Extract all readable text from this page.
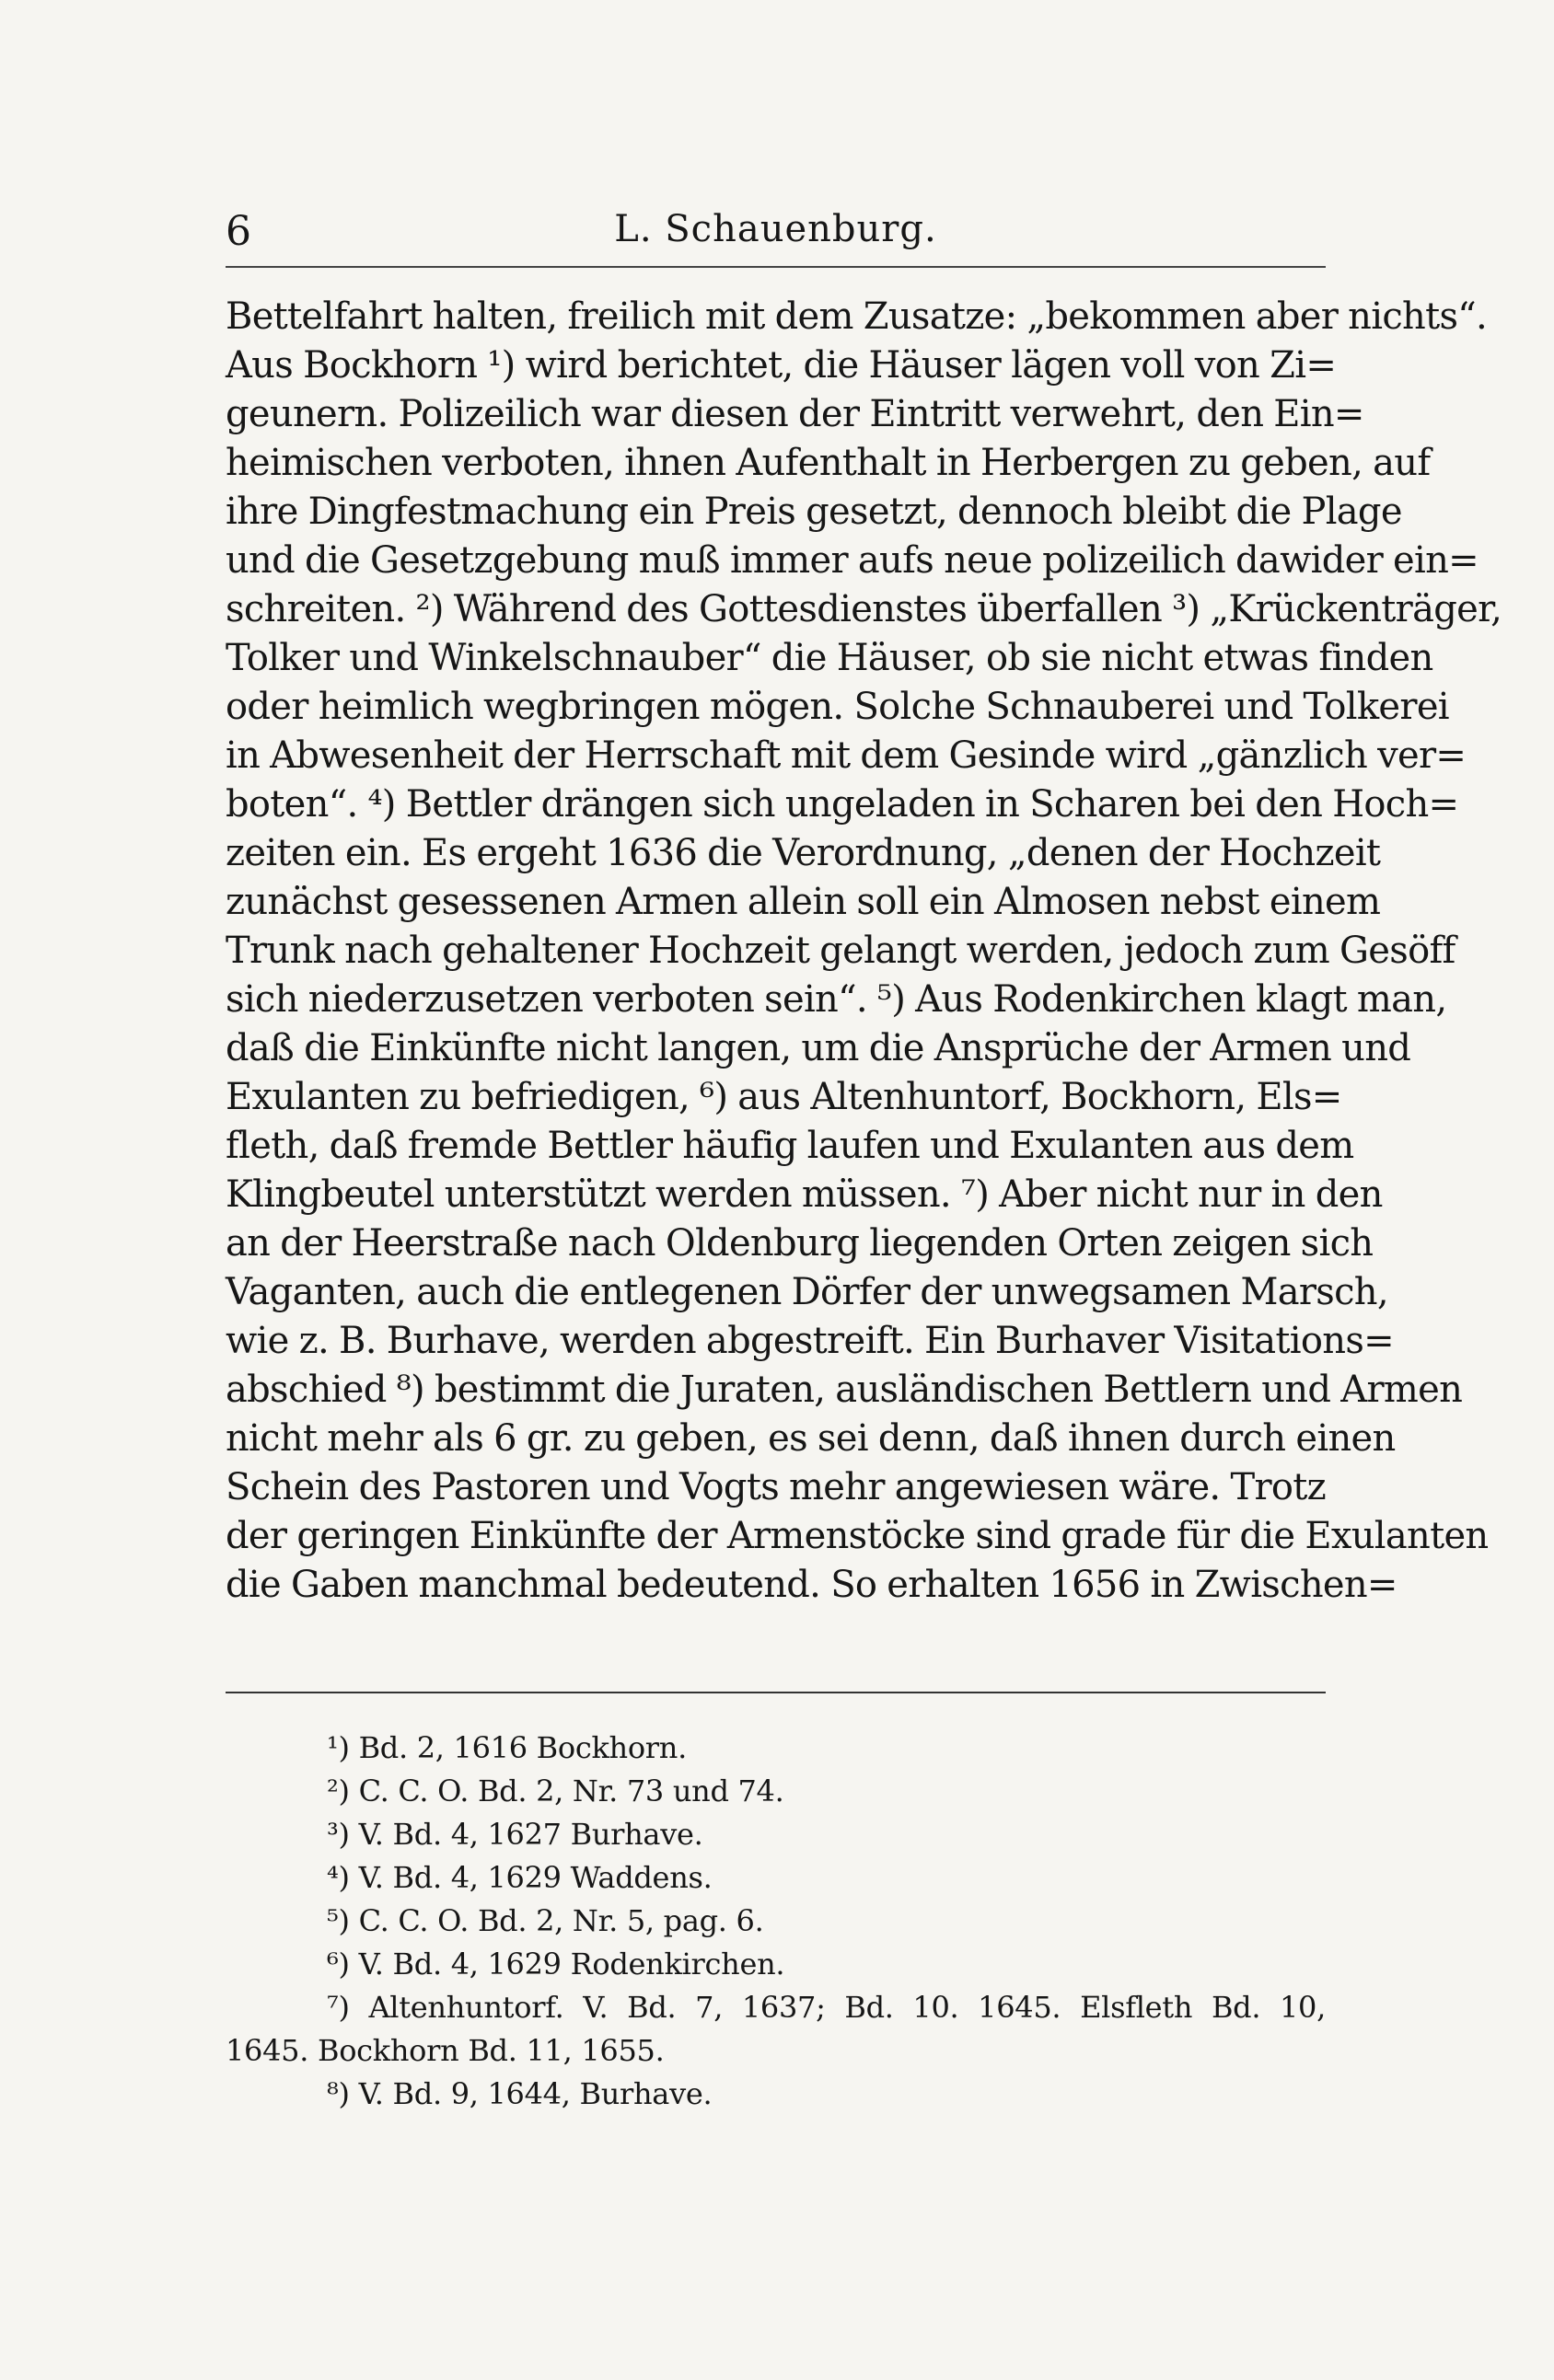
6	L. Schauenburg.
Bettelfahrt halten, freilich mit dem Zusatze: „bekommen aber nichts“.
Aus Bockhorn ¹) wird berichtet, die Häuser lägen voll von Zi=
geunern. Polizeilich war diesen der Eintritt verwehrt, den Ein=
heimischen verboten, ihnen Aufenthalt in Herbergen zu geben, auf
ihre Dingfestmachung ein Preis gesetzt, dennoch bleibt die Plage
und die Gesetzgebung muß immer aufs neue polizeilich dawider ein=
schreiten. ²) Während des Gottesdienstes überfallen ³) „Krückenträger,
Tolker und Winkelschnauber“ die Häuser, ob sie nicht etwas finden
oder heimlich wegbringen mögen. Solche Schnauberei und Tolkerei
in Abwesenheit der Herrschaft mit dem Gesinde wird „gänzlich ver=
boten“. ⁴) Bettler drängen sich ungeladen in Scharen bei den Hoch=
zeiten ein. Es ergeht 1636 die Verordnung, „denen der Hochzeit
zunächst gesessenen Armen allein soll ein Almosen nebst einem
Trunk nach gehaltener Hochzeit gelangt werden, jedoch zum Gesöff
sich niederzusetzen verboten sein“. ⁵) Aus Rodenkirchen klagt man,
daß die Einkünfte nicht langen, um die Ansprüche der Armen und
Exulanten zu befriedigen, ⁶) aus Altenhuntorf, Bockhorn, Els=
fleth, daß fremde Bettler häufig laufen und Exulanten aus dem
Klingbeutel unterstützt werden müssen. ⁷) Aber nicht nur in den
an der Heerstraße nach Oldenburg liegenden Orten zeigen sich
Vaganten, auch die entlegenen Dörfer der unwegsamen Marsch,
wie z. B. Burhave, werden abgestreift. Ein Burhaver Visitations=
abschied ⁸) bestimmt die Juraten, ausländischen Bettlern und Armen
nicht mehr als 6 gr. zu geben, es sei denn, daß ihnen durch einen
Schein des Pastoren und Vogts mehr angewiesen wäre. Trotz
der geringen Einkünfte der Armenstöcke sind grade für die Exulanten
die Gaben manchmal bedeutend. So erhalten 1656 in Zwischen=
¹) Bd. 2, 1616 Bockhorn.
²) C. C. O. Bd. 2, Nr. 73 und 74.
³) V. Bd. 4, 1627 Burhave.
⁴) V. Bd. 4, 1629 Waddens.
⁵) C. C. O. Bd. 2, Nr. 5, pag. 6.
⁶) V. Bd. 4, 1629 Rodenkirchen.
⁷) Altenhuntorf. V. Bd. 7, 1637; Bd. 10. 1645. Elsfleth Bd. 10,
1645. Bockhorn Bd. 11, 1655.
⁸) V. Bd. 9, 1644, Burhave.
